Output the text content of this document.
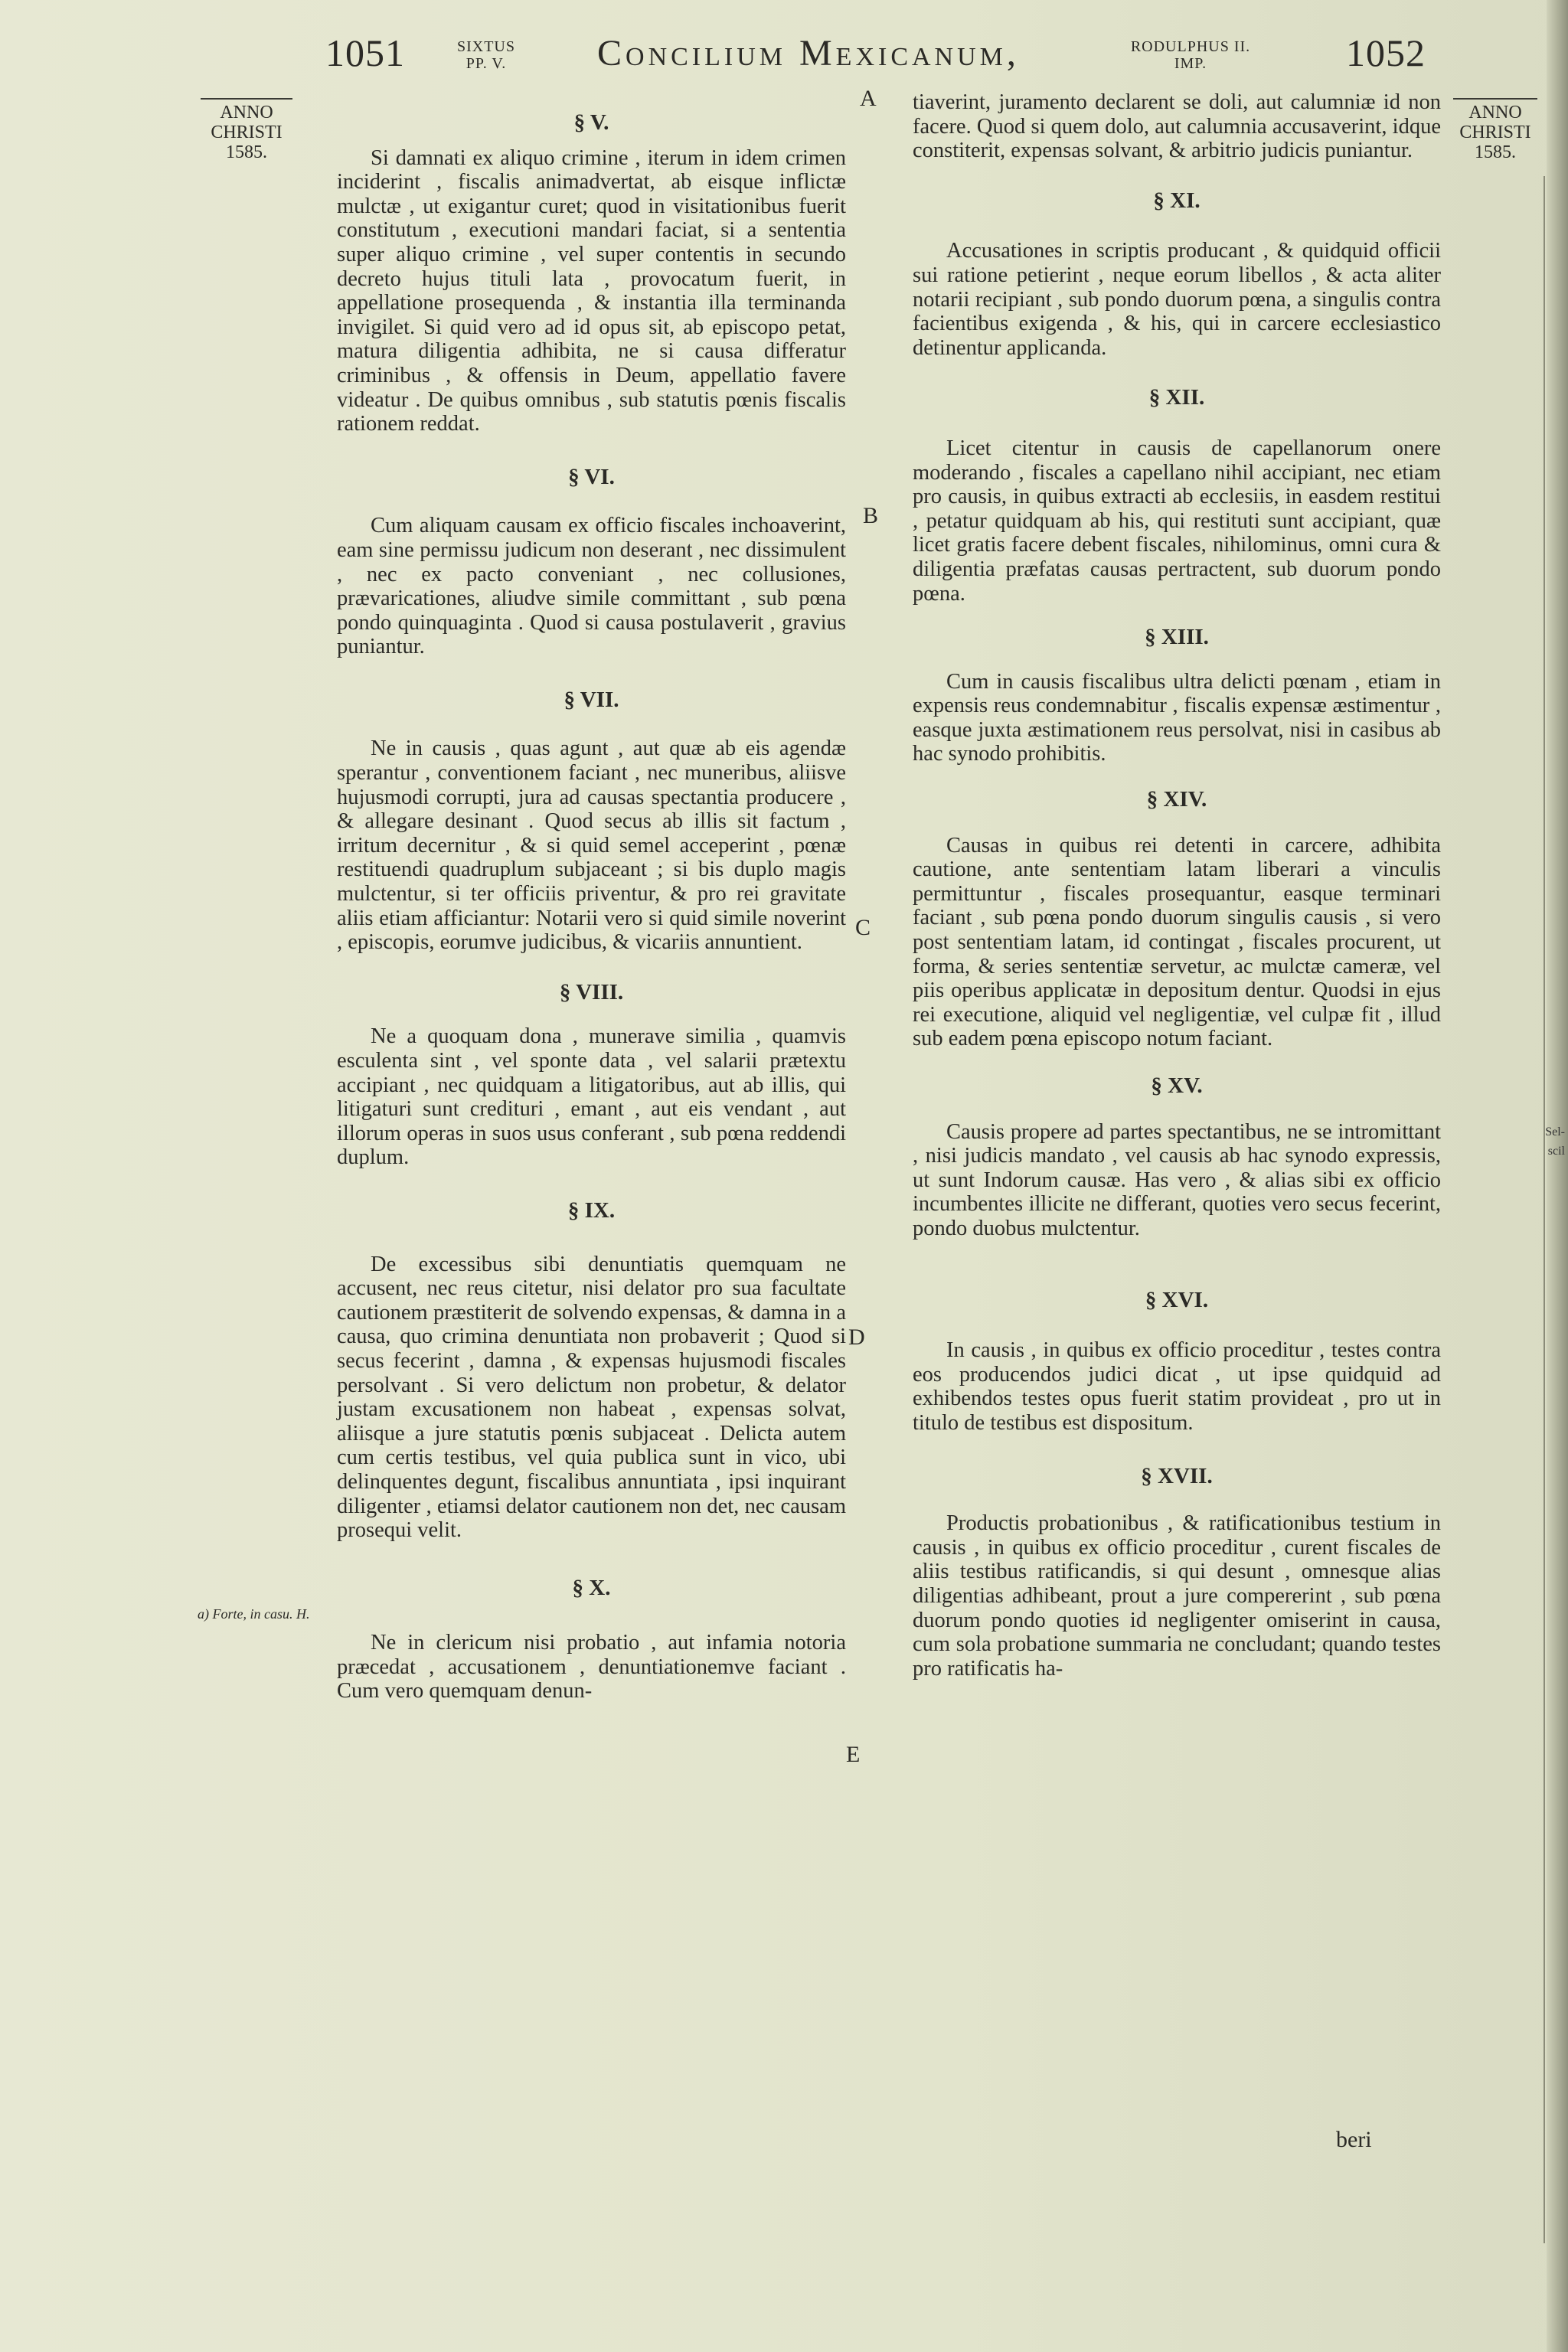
Sel-
scil
1051	SIXTUS PP. V.	Concilium Mexicanum,	RODULPHUS II. IMP.	1052
ANNO
CHRISTI
1585.
ANNO
CHRISTI
1585.
A
B
C
D
E
a) Forte, in casu. H.
§ V.

Si damnati ex aliquo crimine , iterum in idem crimen inciderint , fiscalis animadvertat, ab eisque inflictæ mulctæ , ut exigantur curet; quod in visitationibus fuerit constitutum , executioni mandari faciat, si a sententia super aliquo crimine , vel super contentis in secundo decreto hujus tituli lata , provocatum fuerit, in appellatione prosequenda , & instantia illa terminanda invigilet. Si quid vero ad id opus sit, ab episcopo petat, matura diligentia adhibita, ne si causa differatur criminibus , & offensis in Deum, appellatio favere videatur . De quibus omnibus , sub statutis pœnis fiscalis rationem reddat.

§ VI.

Cum aliquam causam ex officio fiscales inchoaverint, eam sine permissu judicum non deserant , nec dissimulent , nec ex pacto conveniant , nec collusiones, prævaricationes, aliudve simile committant , sub pœna pondo quinquaginta . Quod si causa postulaverit , gravius puniantur.

§ VII.

Ne in causis , quas agunt , aut quæ ab eis agendæ sperantur , conventionem faciant , nec muneribus, aliisve hujusmodi corrupti, jura ad causas spectantia producere , & allegare desinant . Quod secus ab illis sit factum , irritum decernitur , & si quid semel acceperint , pœnæ restituendi quadruplum subjaceant ; si bis duplo magis mulctentur, si ter officiis priventur, & pro rei gravitate aliis etiam afficiantur: Notarii vero si quid simile noverint , episcopis, eorumve judicibus, & vicariis annuntient.

§ VIII.

Ne a quoquam dona , munerave similia , quamvis esculenta sint , vel sponte data , vel salarii prætextu accipiant , nec quidquam a litigatoribus, aut ab illis, qui litigaturi sunt credituri , emant , aut eis vendant , aut illorum operas in suos usus conferant , sub pœna reddendi duplum.

§ IX.

De excessibus sibi denuntiatis quemquam ne accusent, nec reus citetur, nisi delator pro sua facultate cautionem præstiterit de solvendo expensas, & damna in a causa, quo crimina denuntiata non probaverit ; Quod si secus fecerint , damna , & expensas hujusmodi fiscales persolvant . Si vero delictum non probetur, & delator justam excusationem non habeat , expensas solvat, aliisque a jure statutis pœnis subjaceat . Delicta autem cum certis testibus, vel quia publica sunt in vico, ubi delinquentes degunt, fiscalibus annuntiata , ipsi inquirant diligenter , etiamsi delator cautionem non det, nec causam prosequi velit.

§ X.

Ne in clericum nisi probatio , aut infamia notoria præcedat , accusationem , denuntiationemve faciant . Cum vero quemquam denun-

tiaverint, juramento declarent se doli, aut calumniæ id non facere. Quod si quem dolo, aut calumnia accusaverint, idque constiterit, expensas solvant, & arbitrio judicis puniantur.

§ XI.

Accusationes in scriptis producant , & quidquid officii sui ratione petierint , neque eorum libellos , & acta aliter notarii recipiant , sub pondo duorum pœna, a singulis contra facientibus exigenda , & his, qui in carcere ecclesiastico detinentur applicanda.

§ XII.

Licet citentur in causis de capellanorum onere moderando , fiscales a capellano nihil accipiant, nec etiam pro causis, in quibus extracti ab ecclesiis, in easdem restitui , petatur quidquam ab his, qui restituti sunt accipiant, quæ licet gratis facere debent fiscales, nihilominus, omni cura & diligentia præfatas causas pertractent, sub duorum pondo pœna.

§ XIII.

Cum in causis fiscalibus ultra delicti pœnam , etiam in expensis reus condemnabitur , fiscalis expensæ æstimentur , easque juxta æstimationem reus persolvat, nisi in casibus ab hac synodo prohibitis.

§ XIV.

Causas in quibus rei detenti in carcere, adhibita cautione, ante sententiam latam liberari a vinculis permittuntur , fiscales prosequantur, easque terminari faciant , sub pœna pondo duorum singulis causis , si vero post sententiam latam, id contingat , fiscales procurent, ut forma, & series sententiæ servetur, ac mulctæ cameræ, vel piis operibus applicatæ in depositum dentur. Quodsi in ejus rei executione, aliquid vel negligentiæ, vel culpæ fit , illud sub eadem pœna episcopo notum faciant.

§ XV.

Causis propere ad partes spectantibus, ne se intromittant , nisi judicis mandato , vel causis ab hac synodo expressis, ut sunt Indorum causæ. Has vero , & alias sibi ex officio incumbentes illicite ne differant, quoties vero secus fecerint, pondo duobus mulctentur.

§ XVI.

In causis , in quibus ex officio proceditur , testes contra eos producendos judici dicat , ut ipse quidquid ad exhibendos testes opus fuerit statim provideat , pro ut in titulo de testibus est dispositum.

§ XVII.

Productis probationibus , & ratificationibus testium in causis , in quibus ex officio proceditur , curent fiscales de aliis testibus ratificandis, si qui desunt , omnesque alias diligentias adhibeant, prout a jure compererint , sub pœna duorum pondo quoties id negligenter omiserint in causa, cum sola probatione summaria ne concludant; quando testes pro ratificatis ha-

beri
